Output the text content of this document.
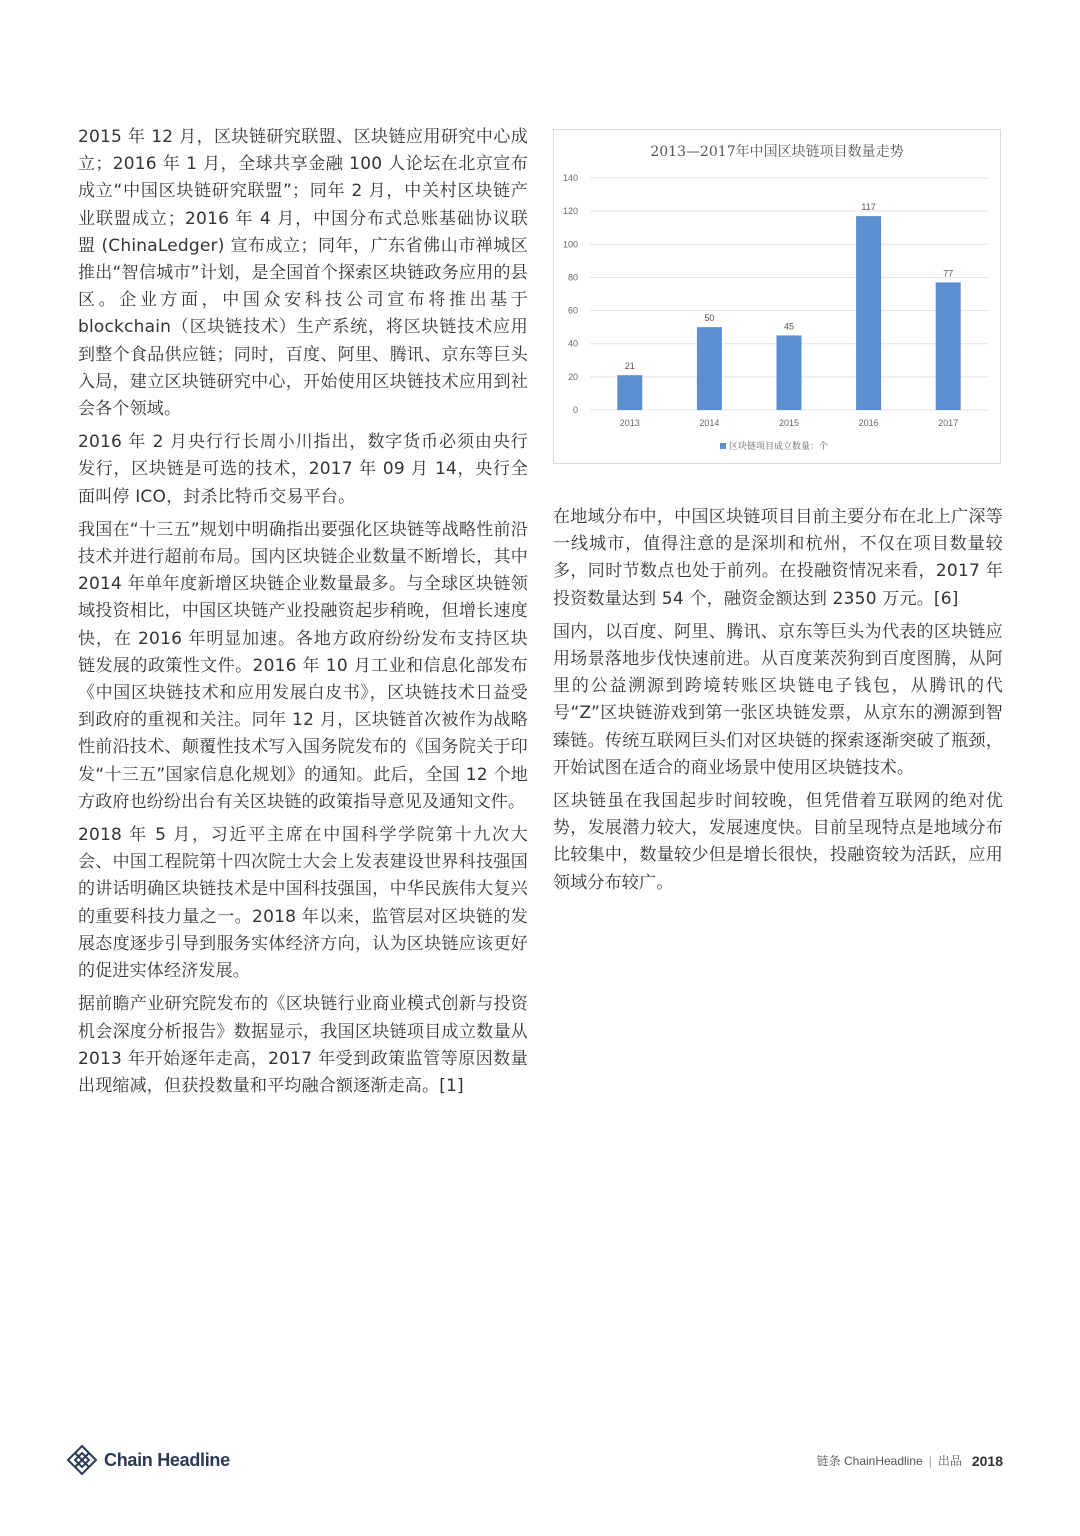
2015 年 12 月，区块链研究联盟、区块链应用研究中心成立；2016 年 1 月，全球共享金融 100 人论坛在北京宣布成立“中国区块链研究联盟”；同年 2 月，中关村区块链产业联盟成立；2016 年 4 月，中国分布式总账基础协议联盟 (ChinaLedger) 宣布成立；同年，广东省佛山市禅城区推出“智信城市”计划，是全国首个探索区块链政务应用的县区。企业方面，中国众安科技公司宣布将推出基于 blockchain（区块链技术）生产系统，将区块链技术应用到整个食品供应链；同时，百度、阿里、腾讯、京东等巨头入局，建立区块链研究中心，开始使用区块链技术应用到社会各个领域。

2016 年 2 月央行行长周小川指出，数字货币必须由央行发行，区块链是可选的技术，2017 年 09 月 14，央行全面叫停 ICO，封杀比特币交易平台。

我国在“十三五”规划中明确指出要强化区块链等战略性前沿技术并进行超前布局。国内区块链企业数量不断增长，其中 2014 年单年度新增区块链企业数量最多。与全球区块链领域投资相比，中国区块链产业投融资起步稍晚，但增长速度快，在 2016 年明显加速。各地方政府纷纷发布支持区块链发展的政策性文件。2016 年 10 月工业和信息化部发布《中国区块链技术和应用发展白皮书》，区块链技术日益受到政府的重视和关注。同年 12 月，区块链首次被作为战略性前沿技术、颠覆性技术写入国务院发布的《国务院关于印发“十三五”国家信息化规划》的通知。此后，全国 12 个地方政府也纷纷出台有关区块链的政策指导意见及通知文件。

2018 年 5 月，习近平主席在中国科学学院第十九次大会、中国工程院第十四次院士大会上发表建设世界科技强国的讲话明确区块链技术是中国科技强国，中华民族伟大复兴的重要科技力量之一。2018 年以来，监管层对区块链的发展态度逐步引导到服务实体经济方向，认为区块链应该更好的促进实体经济发展。

据前瞻产业研究院发布的《区块链行业商业模式创新与投资机会深度分析报告》数据显示，我国区块链项目成立数量从 2013 年开始逐年走高，2017 年受到政策监管等原因数量出现缩减，但获投数量和平均融合额逐渐走高。[1]

2013—2017年中国区块链项目数量走势
0
20
40
60
80
100
120
140
21
2013
50
2014
45
2015
117
2016
77
2017
区块链项目成立数量：个

在地域分布中，中国区块链项目目前主要分布在北上广深等一线城市，值得注意的是深圳和杭州，不仅在项目数量较多，同时节数点也处于前列。在投融资情况来看，2017 年投资数量达到 54 个，融资金额达到 2350 万元。[6]

国内，以百度、阿里、腾讯、京东等巨头为代表的区块链应用场景落地步伐快速前进。从百度莱茨狗到百度图腾，从阿里的公益溯源到跨境转账区块链电子钱包，从腾讯的代号“Z”区块链游戏到第一张区块链发票，从京东的溯源到智臻链。传统互联网巨头们对区块链的探索逐渐突破了瓶颈，开始试图在适合的商业场景中使用区块链技术。

区块链虽在我国起步时间较晚，但凭借着互联网的绝对优势，发展潜力较大，发展速度快。目前呈现特点是地域分布比较集中，数量较少但是增长很快，投融资较为活跃，应用领域分布较广。

Chain Headline	链条 ChainHeadline | 出品 2018
